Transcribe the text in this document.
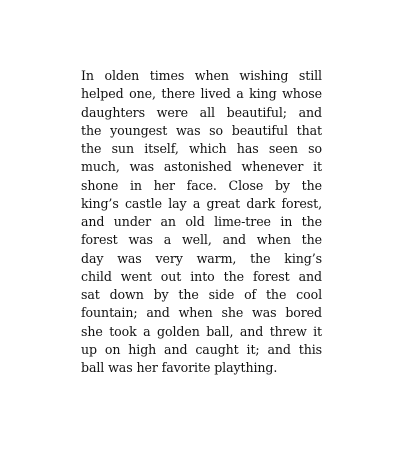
In olden times when wishing still
helped one, there lived a king whose
daughters were all beautiful; and
the youngest was so beautiful that
the sun itself, which has seen so
much, was astonished whenever it
shone in her face. Close by the
king’s castle lay a great dark forest,
and under an old lime-tree in the
forest was a well, and when the
day was very warm, the king’s
child went out into the forest and
sat down by the side of the cool
fountain; and when she was bored
she took a golden ball, and threw it
up on high and caught it; and this
ball was her favorite plaything.
